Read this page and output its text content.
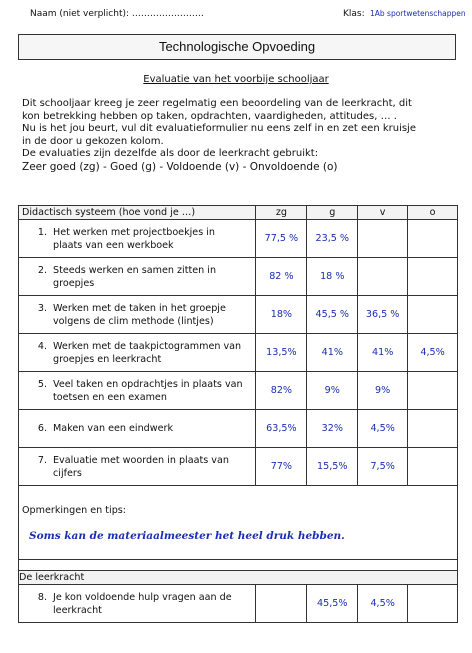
Naam (niet verplicht): ……………………	Klas: 1Ab sportwetenschappen
Technologische Opvoeding
Evaluatie van het voorbije schooljaar
Dit schooljaar kreeg je zeer regelmatig een beoordeling van de leerkracht, dit
kon betrekking hebben op taken, opdrachten, vaardigheden, attitudes, … .
Nu is het jou beurt, vul dit evaluatieformulier nu eens zelf in en zet een kruisje
in de door u gekozen kolom.
De evaluaties zijn dezelfde als door de leerkracht gebruikt:
Zeer goed (zg) - Goed (g) - Voldoende (v) - Onvoldoende (o)
Didactisch systeem (hoe vond je …)	zg	g	v	o

1. Het werken met projectboekjes in
plaats van een werkboek	77,5 %	23,5 %		

2. Steeds werken en samen zitten in
groepjes	82 %	18 %		

3. Werken met de taken in het groepje
volgens de clim methode (lintjes)	18%	45,5 %	36,5 %	

4. Werken met de taakpictogrammen van
groepjes en leerkracht	13,5%	41%	41%	4,5%

5. Veel taken en opdrachtjes in plaats van
toetsen en een examen	82%	9%	9%	

6. Maken van een eindwerk	63,5%	32%	4,5%	

7. Evaluatie met woorden in plaats van
cijfers	77%	15,5%	7,5%	

Opmerkingen en tips:
Soms kan de materiaalmeester het heel druk hebben.				

De leerkracht				

8. Je kon voldoende hulp vragen aan de
leerkracht		45,5%	4,5%	
